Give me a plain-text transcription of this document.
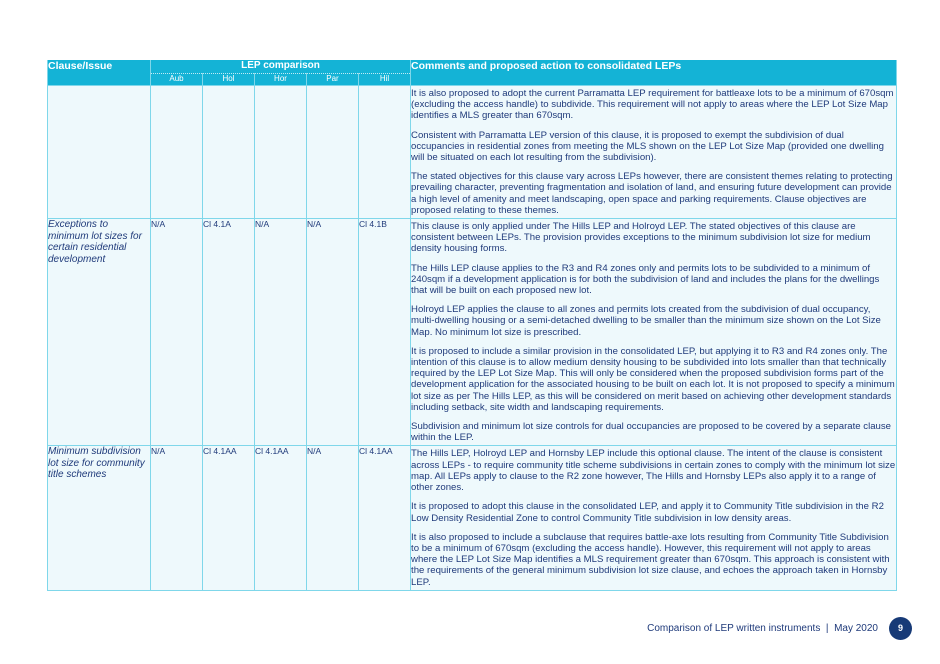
Clause/Issue	LEP comparison					Comments and proposed action to consolidated LEPs
	Aub	Hol	Hor	Par	Hil	

						It is also proposed to adopt the current Parramatta LEP requirement for battleaxe lots to be a minimum of 670sqm (excluding the access handle) to subdivide. This requirement will not apply to areas where the LEP Lot Size Map identifies a MLS greater than 670sqm.

Consistent with Parramatta LEP version of this clause, it is proposed to exempt the subdivision of dual occupancies in residential zones from meeting the MLS shown on the LEP Lot Size Map (provided one dwelling will be situated on each lot resulting from the subdivision).

The stated objectives for this clause vary across LEPs however, there are consistent themes relating to protecting prevailing character, preventing fragmentation and isolation of land, and ensuring future development can provide a high level of amenity and meet landscaping, open space and parking requirements. Clause objectives are proposed relating to these themes.

Exceptions to minimum lot sizes for certain residential development	N/A	Cl 4.1A	N/A	N/A	Cl 4.1B	This clause is only applied under The Hills LEP and Holroyd LEP. The stated objectives of this clause are consistent between LEPs. The provision provides exceptions to the minimum subdivision lot size for medium density housing forms.

The Hills LEP clause applies to the R3 and R4 zones only and permits lots to be subdivided to a minimum of 240sqm if a development application is for both the subdivision of land and includes the plans for the dwellings that will be built on each proposed new lot.

Holroyd LEP applies the clause to all zones and permits lots created from the subdivision of dual occupancy, multi-dwelling housing or a semi-detached dwelling to be smaller than the minimum size shown on the Lot Size Map. No minimum lot size is prescribed.

It is proposed to include a similar provision in the consolidated LEP, but applying it to R3 and R4 zones only. The intention of this clause is to allow medium density housing to be subdivided into lots smaller than that technically required by the LEP Lot Size Map. This will only be considered when the proposed subdivision forms part of the development application for the associated housing to be built on each lot. It is not proposed to specify a minimum lot size as per The Hills LEP, as this will be considered on merit based on achieving other development standards including setback, site width and landscaping requirements.

Subdivision and minimum lot size controls for dual occupancies are proposed to be covered by a separate clause within the LEP.

Minimum subdivision lot size for community title schemes	N/A	Cl 4.1AA	Cl 4.1AA	N/A	Cl 4.1AA	The Hills LEP, Holroyd LEP and Hornsby LEP include this optional clause. The intent of the clause is consistent across LEPs - to require community title scheme subdivisions in certain zones to comply with the minimum lot size map. All LEPs apply to clause to the R2 zone however, The Hills and Hornsby LEPs also apply it to a range of other zones.

It is proposed to adopt this clause in the consolidated LEP, and apply it to Community Title subdivision in the R2 Low Density Residential Zone to control Community Title subdivision in low density areas.

It is also proposed to include a subclause that requires battle-axe lots resulting from Community Title Subdivision to be a minimum of 670sqm (excluding the access handle). However, this requirement will not apply to areas where the LEP Lot Size Map identifies a MLS requirement greater than 670sqm. This approach is consistent with the requirements of the general minimum subdivision lot size clause, and echoes the approach taken in Hornsby LEP.

Comparison of LEP written instruments | May 2020	9
